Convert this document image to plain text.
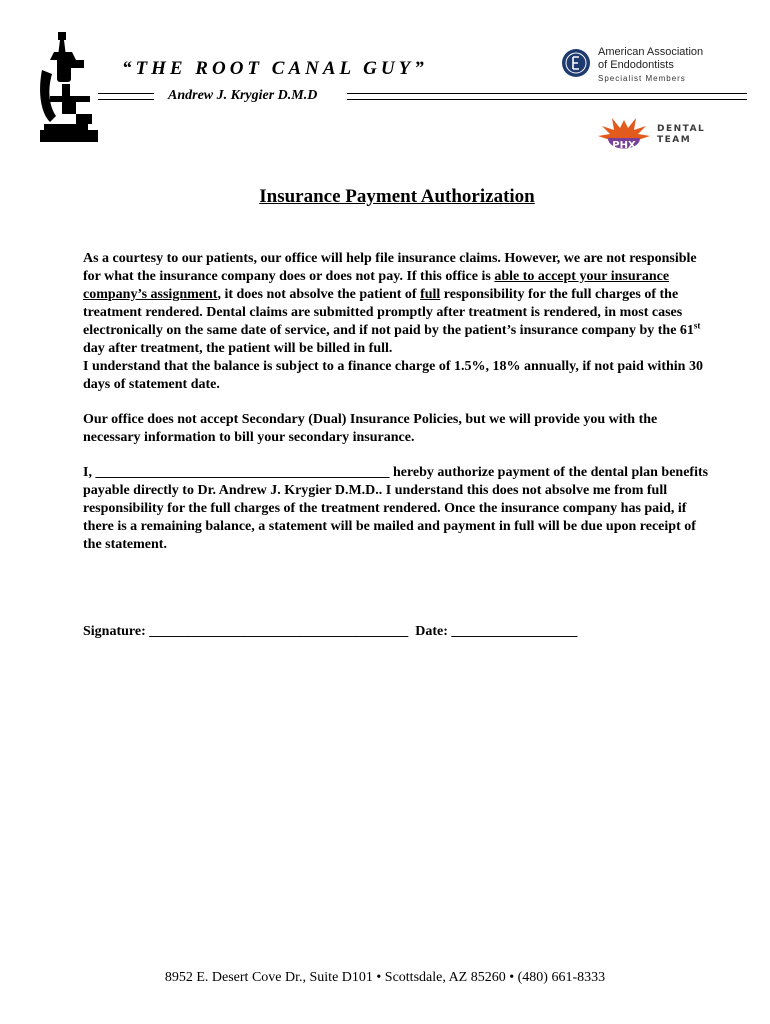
“THE ROOT CANAL GUY”
Andrew J. Krygier D.M.D
American Association
of Endodontists
Specialist Members
PHX
DENTAL
TEAM
Insurance Payment Authorization
As a courtesy to our patients, our office will help file insurance claims. However, we are not responsible for what the insurance company does or does not pay. If this office is able to accept your insurance company’s assignment, it does not absolve the patient of full responsibility for the full charges of the treatment rendered. Dental claims are submitted promptly after treatment is rendered, in most cases electronically on the same date of service, and if not paid by the patient’s insurance company by the 61st day after treatment, the patient will be billed in full.
I understand that the balance is subject to a finance charge of 1.5%, 18% annually, if not paid within 30 days of statement date.
Our office does not accept Secondary (Dual) Insurance Policies, but we will provide you with the necessary information to bill your secondary insurance.
I, __________________________________________ hereby authorize payment of the dental plan benefits payable directly to Dr. Andrew J. Krygier D.M.D.. I understand this does not absolve me from full responsibility for the full charges of the treatment rendered. Once the insurance company has paid, if there is a remaining balance, a statement will be mailed and payment in full will be due upon receipt of the statement.
Signature: _____________________________________  Date: __________________
8952 E. Desert Cove Dr., Suite D101 • Scottsdale, AZ 85260 • (480) 661-8333
